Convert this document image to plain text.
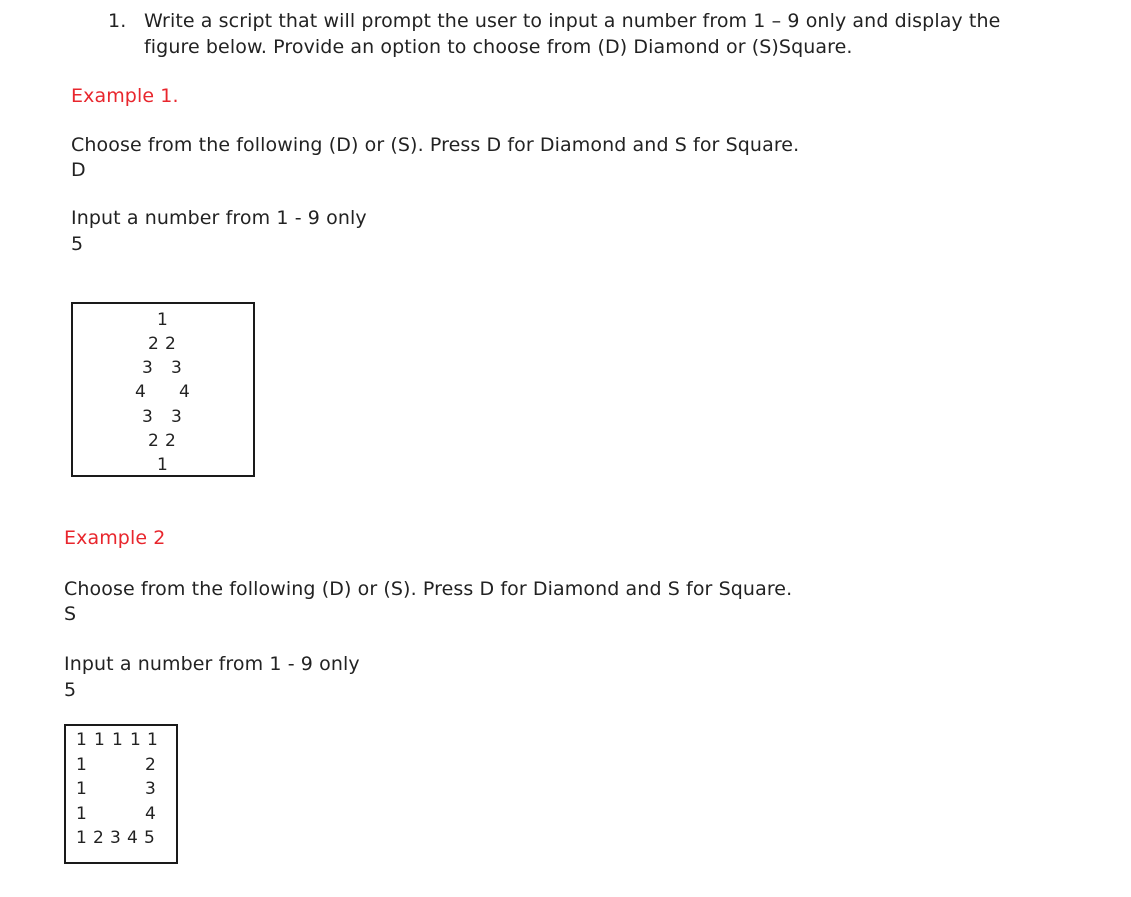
1. Write a script that will prompt the user to input a number from 1 – 9 only and display the
figure below. Provide an option to choose from (D) Diamond or (S)Square.
Example 1.
Choose from the following (D) or (S). Press D for Diamond and S for Square.
D
Input a number from 1 - 9 only
5
1
2 2
3 3
4 4
3 3
2 2
1
Example 2
Choose from the following (D) or (S). Press D for Diamond and S for Square.
S
Input a number from 1 - 9 only
5
1 1 1 1 1
1	2
1	3
1	4
1 2 3 4 5
